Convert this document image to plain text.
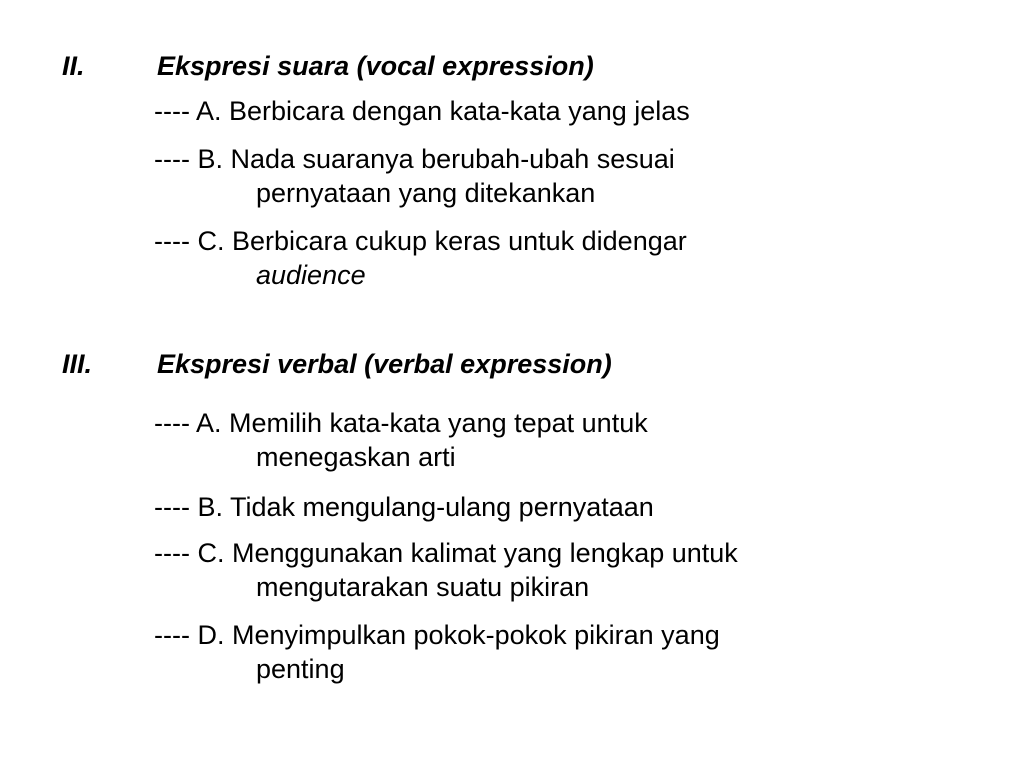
II.	Ekspresi suara (vocal expression)
---- A. Berbicara dengan kata-kata yang jelas
---- B. Nada suaranya berubah-ubah sesuai
pernyataan yang ditekankan
---- C. Berbicara cukup keras untuk didengar
audience
III. Ekspresi verbal (verbal expression)
---- A. Memilih kata-kata yang tepat untuk
menegaskan arti
---- B. Tidak mengulang-ulang pernyataan
---- C. Menggunakan kalimat yang lengkap untuk
mengutarakan suatu pikiran
---- D. Menyimpulkan pokok-pokok pikiran yang
penting
